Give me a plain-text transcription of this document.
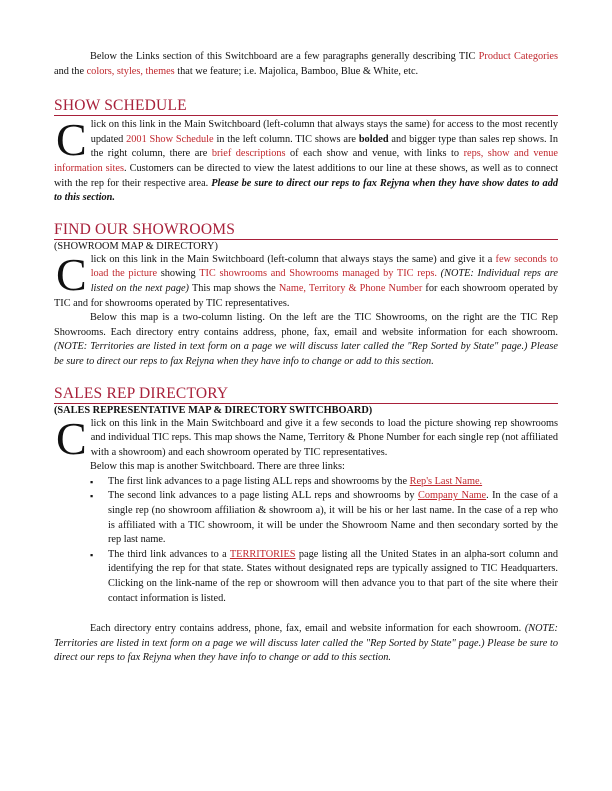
Below the Links section of this Switchboard are a few paragraphs generally describing TIC Product Categories and the colors, styles, themes that we feature; i.e. Majolica, Bamboo, Blue & White, etc.

SHOW SCHEDULE

Click on this link in the Main Switchboard (left-column that always stays the same) for access to the most recently updated 2001 Show Schedule in the left column. TIC shows are bolded and bigger type than sales rep shows. In the right column, there are brief descriptions of each show and venue, with links to reps, show and venue information sites. Customers can be directed to view the latest additions to our line at these shows, as well as to connect with the rep for their respective area. Please be sure to direct our reps to fax Rejyna when they have show dates to add to this section.

FIND OUR SHOWROOMS

(SHOWROOM MAP & DIRECTORY)

Click on this link in the Main Switchboard (left-column that always stays the same) and give it a few seconds to load the picture showing TIC showrooms and Showrooms managed by TIC reps. (NOTE: Individual reps are listed on the next page) This map shows the Name, Territory & Phone Number for each showroom operated by TIC and for showrooms operated by TIC representatives.

Below this map is a two-column listing. On the left are the TIC Showrooms, on the right are the TIC Rep Showrooms. Each directory entry contains address, phone, fax, email and website information for each showroom. (NOTE: Territories are listed in text form on a page we will discuss later called the "Rep Sorted by State" page.) Please be sure to direct our reps to fax Rejyna when they have info to change or add to this section.

SALES REP DIRECTORY

(SALES REPRESENTATIVE MAP & DIRECTORY SWITCHBOARD)

Click on this link in the Main Switchboard and give it a few seconds to load the picture showing rep showrooms and individual TIC reps. This map shows the Name, Territory & Phone Number for each single rep (not affiliated with a showroom) and each showroom operated by TIC representatives.

Below this map is another Switchboard. There are three links:

▪ The first link advances to a page listing ALL reps and showrooms by the Rep's Last Name.
▪ The second link advances to a page listing ALL reps and showrooms by Company Name. In the case of a single rep (no showroom affiliation & showroom a), it will be his or her last name. In the case of a rep who is affiliated with a TIC showroom, it will be under the Showroom Name and then secondary sorted by the rep last name.
▪ The third link advances to a TERRITORIES page listing all the United States in an alpha-sort column and identifying the rep for that state. States without designated reps are typically assigned to TIC Headquarters. Clicking on the link-name of the rep or showroom will then advance you to that part of the site where their contact information is listed.

Each directory entry contains address, phone, fax, email and website information for each showroom. (NOTE: Territories are listed in text form on a page we will discuss later called the "Rep Sorted by State" page.) Please be sure to direct our reps to fax Rejyna when they have info to change or add to this section.
